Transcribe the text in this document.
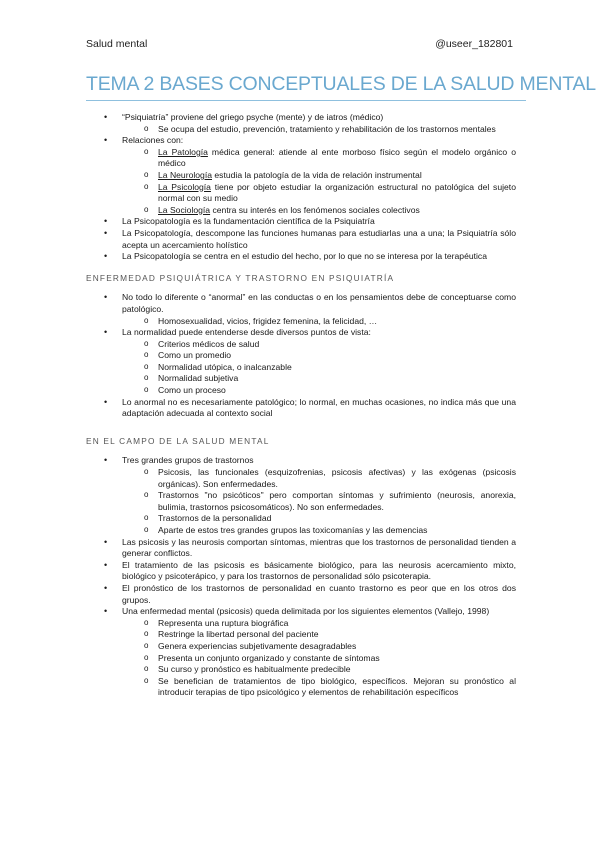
Salud mental	@useer_182801
TEMA 2 BASES CONCEPTUALES DE LA SALUD MENTAL
• “Psiquiatría” proviene del griego psyche (mente) y de iatros (médico)
o Se ocupa del estudio, prevención, tratamiento y rehabilitación de los trastornos mentales
• Relaciones con:
o La Patología médica general: atiende al ente morboso físico según el modelo orgánico o médico
o La Neurología estudia la patología de la vida de relación instrumental
o La Psicología tiene por objeto estudiar la organización estructural no patológica del sujeto normal con su medio
o La Sociología centra su interés en los fenómenos sociales colectivos
• La Psicopatología es la fundamentación científica de la Psiquiatría
• La Psicopatología, descompone las funciones humanas para estudiarlas una a una; la Psiquiatría sólo acepta un acercamiento holístico
• La Psicopatología se centra en el estudio del hecho, por lo que no se interesa por la terapéutica
ENFERMEDAD PSIQUIÁTRICA Y TRASTORNO EN PSIQUIATRÍA
• No todo lo diferente o “anormal” en las conductas o en los pensamientos debe de conceptuarse como patológico.
o Homosexualidad, vicios, frigidez femenina, la felicidad, …
• La normalidad puede entenderse desde diversos puntos de vista:
o Criterios médicos de salud
o Como un promedio
o Normalidad utópica, o inalcanzable
o Normalidad subjetiva
o Como un proceso
• Lo anormal no es necesariamente patológico; lo normal, en muchas ocasiones, no indica más que una adaptación adecuada al contexto social
EN EL CAMPO DE LA SALUD MENTAL
• Tres grandes grupos de trastornos
o Psicosis, las funcionales (esquizofrenias, psicosis afectivas) y las exógenas (psicosis orgánicas). Son enfermedades.
o Trastornos "no psicóticos" pero comportan síntomas y sufrimiento (neurosis, anorexia, bulimia, trastornos psicosomáticos). No son enfermedades.
o Trastornos de la personalidad
o Aparte de estos tres grandes grupos las toxicomanías y las demencias
• Las psicosis y las neurosis comportan síntomas, mientras que los trastornos de personalidad tienden a generar conflictos.
• El tratamiento de las psicosis es básicamente biológico, para las neurosis acercamiento mixto, biológico y psicoterápico, y para los trastornos de personalidad sólo psicoterapia.
• El pronóstico de los trastornos de personalidad en cuanto trastorno es peor que en los otros dos grupos.
• Una enfermedad mental (psicosis) queda delimitada por los siguientes elementos (Vallejo, 1998)
o Representa una ruptura biográfica
o Restringe la libertad personal del paciente
o Genera experiencias subjetivamente desagradables
o Presenta un conjunto organizado y constante de síntomas
o Su curso y pronóstico es habitualmente predecible
o Se benefician de tratamientos de tipo biológico, específicos. Mejoran su pronóstico al introducir terapias de tipo psicológico y elementos de rehabilitación específicos
